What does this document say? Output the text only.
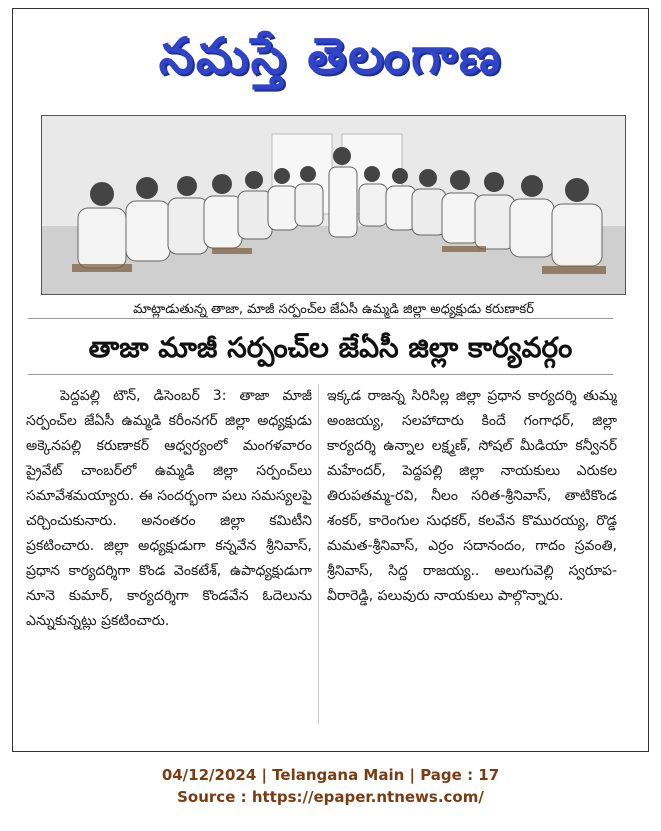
నమస్తే తెలంగాణ
మాట్లాడుతున్న తాజా, మాజీ సర్పంచ్‌ల జేఏసీ ఉమ్మడి జిల్లా అధ్యక్షుడు కరుణాకర్
తాజా మాజీ సర్పంచ్‌ల జేఏసీ జిల్లా కార్యవర్గం
పెద్దపల్లి టౌన్, డిసెంబర్ 3: తాజా మాజీ సర్పంచ్‌ల జేఏసీ ఉమ్మడి కరీంనగర్ జిల్లా అధ్యక్షుడు అక్కెనపల్లి కరుణాకర్ ఆధ్వర్యంలో మంగళవారం ప్రైవేట్ చాంబర్‌లో ఉమ్మడి జిల్లా సర్పంచ్‌లు సమావేశమయ్యారు. ఈ సందర్భంగా పలు సమస్యలపై చర్చించుకునారు. అనంతరం జిల్లా కమిటీని ప్రకటించారు. జిల్లా అధ్యక్షుడుగా కన్నవేన శ్రీనివాస్, ప్రధాన కార్యదర్శిగా కొండ వెంకటేశ్, ఉపాధ్యక్షుడుగా నూనె కుమార్, కార్యదర్శిగా కొండవేన ఓదెలును ఎన్నుకున్నట్లు ప్రకటించారు.
ఇక్కడ రాజన్న సిరిసిల్ల జిల్లా ప్రధాన కార్యదర్శి తుమ్మ అంజయ్య, సలహాదారు కిందే గంగాధర్, జిల్లా కార్యదర్శి ఉన్నాల లక్ష్మణ్, సోషల్ మీడియా కన్వీనర్ మహేందర్, పెద్దపల్లి జిల్లా నాయకులు ఎరుకల తిరుపతమ్మ-రవి, నీలం సరిత-శ్రీనివాస్, తాటికొండ శంకర్, కారెంగుల సుధకర్, కలవేన కొమురయ్య, రొడ్డ మమత-శ్రీనివాస్, ఎర్రం సదానందం, గాదం స్రవంతి, శ్రీనివాస్, సిద్ద రాజయ్య.. అలుగువెల్లి స్వరూప-వీరారెడ్డి, పలువురు నాయకులు పాల్గొన్నారు.
04/12/2024 | Telangana Main | Page : 17
Source : https://epaper.ntnews.com/
